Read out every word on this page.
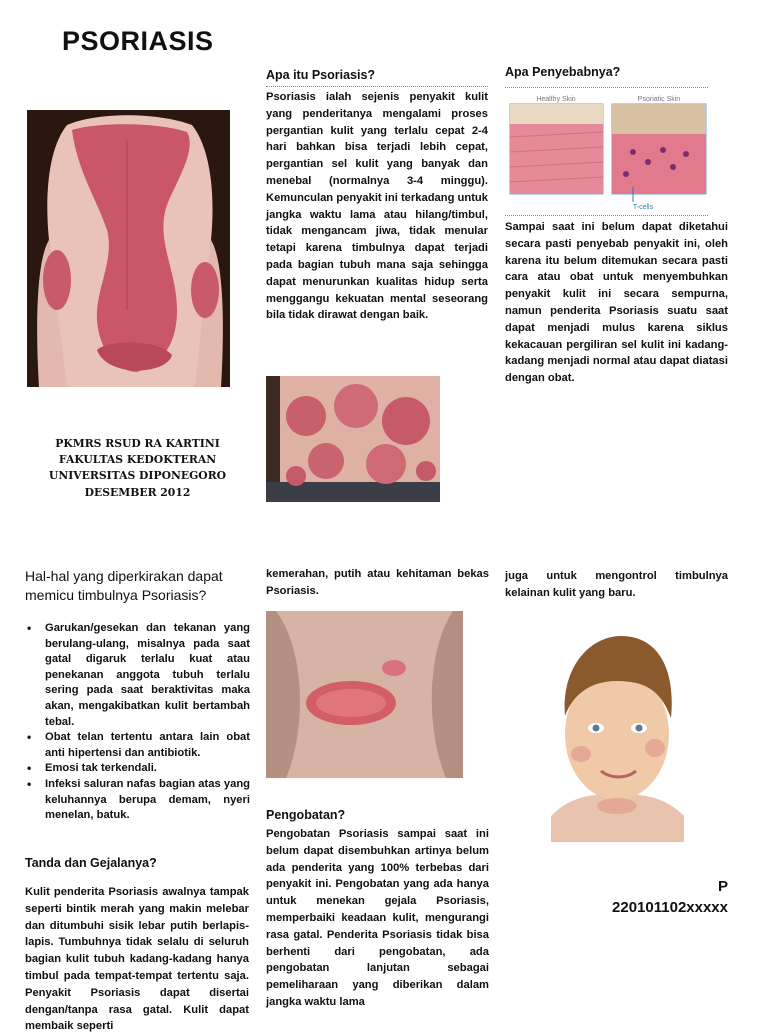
PSORIASIS
PKMRS RSUD RA KARTINI
FAKULTAS KEDOKTERAN
UNIVERSITAS DIPONEGORO
DESEMBER 2012
Apa itu Psoriasis?
Psoriasis ialah sejenis penyakit kulit yang penderitanya mengalami proses pergantian kulit yang terlalu cepat 2-4 hari bahkan bisa terjadi lebih cepat, pergantian sel kulit yang banyak dan menebal (normalnya 3-4 minggu). Kemunculan penyakit ini terkadang untuk jangka waktu lama atau hilang/timbul, tidak mengancam jiwa, tidak menular tetapi karena timbulnya dapat terjadi pada bagian tubuh mana saja sehingga dapat menurunkan kualitas hidup serta menggangu kekuatan mental seseorang bila tidak dirawat dengan baik.
Apa Penyebabnya?
Healthy Skin	Psoriatic Skin
T-cells
Sampai saat ini belum dapat diketahui secara pasti penyebab penyakit ini, oleh karena itu belum ditemukan secara pasti cara atau obat untuk menyembuhkan penyakit kulit ini secara sempurna, namun penderita Psoriasis suatu saat dapat menjadi mulus karena siklus kekacauan pergiliran sel kulit ini kadang-kadang menjadi normal atau dapat diatasi dengan obat.
Hal-hal yang diperkirakan dapat memicu timbulnya Psoriasis?
• Garukan/gesekan dan tekanan yang berulang-ulang, misalnya pada saat gatal digaruk terlalu kuat atau penekanan anggota tubuh terlalu sering pada saat beraktivitas maka akan, mengakibatkan kulit bertambah tebal.
• Obat telan tertentu antara lain obat anti hipertensi dan antibiotik.
• Emosi tak terkendali.
• Infeksi saluran nafas bagian atas yang keluhannya berupa demam, nyeri menelan, batuk.
Tanda dan Gejalanya?
Kulit penderita Psoriasis awalnya tampak seperti bintik merah yang makin melebar dan ditumbuhi sisik lebar putih berlapis-lapis. Tumbuhnya tidak selalu di seluruh bagian kulit tubuh kadang-kadang hanya timbul pada tempat-tempat tertentu saja. Penyakit Psoriasis dapat disertai dengan/tanpa rasa gatal. Kulit dapat membaik seperti
kemerahan, putih atau kehitaman bekas Psoriasis.
Pengobatan?
Pengobatan Psoriasis sampai saat ini belum dapat disembuhkan artinya belum ada penderita yang 100% terbebas dari penyakit ini. Pengobatan yang ada hanya untuk menekan gejala Psoriasis, memperbaiki keadaan kulit, mengurangi rasa gatal. Penderita Psoriasis tidak bisa berhenti dari pengobatan, ada pengobatan lanjutan sebagai pemeliharaan yang diberikan dalam jangka waktu lama
juga untuk mengontrol timbulnya kelainan kulit yang baru.
P
220101102xxxxx
